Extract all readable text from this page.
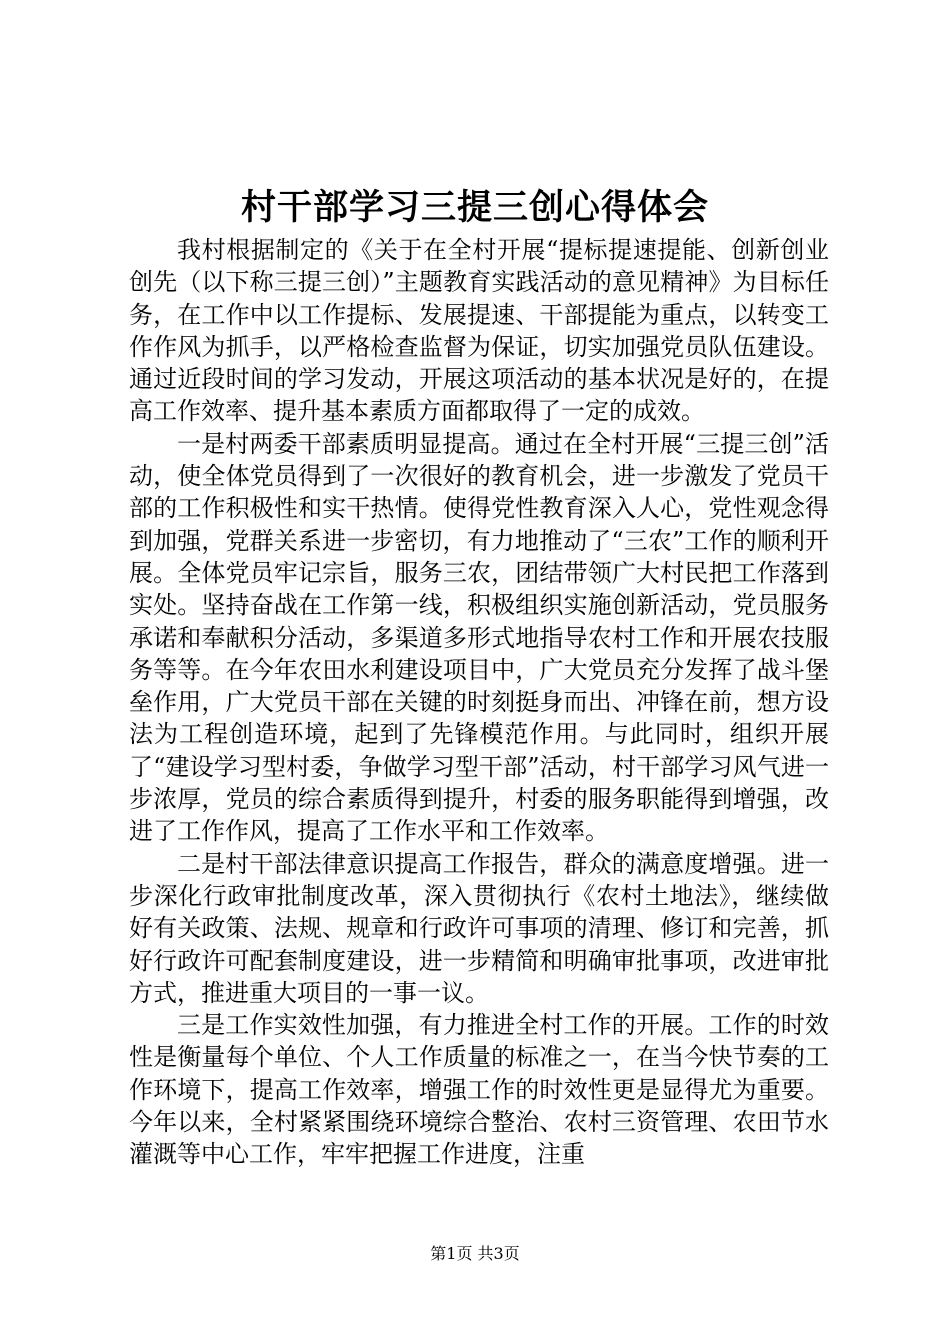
村干部学习三提三创心得体会

我村根据制定的《关于在全村开展“提标提速提能、创新创业创先（以下称三提三创）”主题教育实践活动的意见精神》为目标任务，在工作中以工作提标、发展提速、干部提能为重点，以转变工作作风为抓手，以严格检查监督为保证，切实加强党员队伍建设。通过近段时间的学习发动，开展这项活动的基本状况是好的，在提高工作效率、提升基本素质方面都取得了一定的成效。

一是村两委干部素质明显提高。通过在全村开展“三提三创”活动，使全体党员得到了一次很好的教育机会，进一步激发了党员干部的工作积极性和实干热情。使得党性教育深入人心，党性观念得到加强，党群关系进一步密切，有力地推动了“三农”工作的顺利开展。全体党员牢记宗旨，服务三农，团结带领广大村民把工作落到实处。坚持奋战在工作第一线，积极组织实施创新活动，党员服务承诺和奉献积分活动，多渠道多形式地指导农村工作和开展农技服务等等。在今年农田水利建设项目中，广大党员充分发挥了战斗堡垒作用，广大党员干部在关键的时刻挺身而出、冲锋在前，想方设法为工程创造环境，起到了先锋模范作用。与此同时，组织开展了“建设学习型村委，争做学习型干部”活动，村干部学习风气进一步浓厚，党员的综合素质得到提升，村委的服务职能得到增强，改进了工作作风，提高了工作水平和工作效率。

二是村干部法律意识提高工作报告，群众的满意度增强。进一步深化行政审批制度改革，深入贯彻执行《农村土地法》，继续做好有关政策、法规、规章和行政许可事项的清理、修订和完善，抓好行政许可配套制度建设，进一步精简和明确审批事项，改进审批方式，推进重大项目的一事一议。

三是工作实效性加强，有力推进全村工作的开展。工作的时效性是衡量每个单位、个人工作质量的标准之一，在当今快节奏的工作环境下，提高工作效率，增强工作的时效性更是显得尤为重要。今年以来，全村紧紧围绕环境综合整治、农村三资管理、农田节水灌溉等中心工作，牢牢把握工作进度，注重

第1页 共3页
